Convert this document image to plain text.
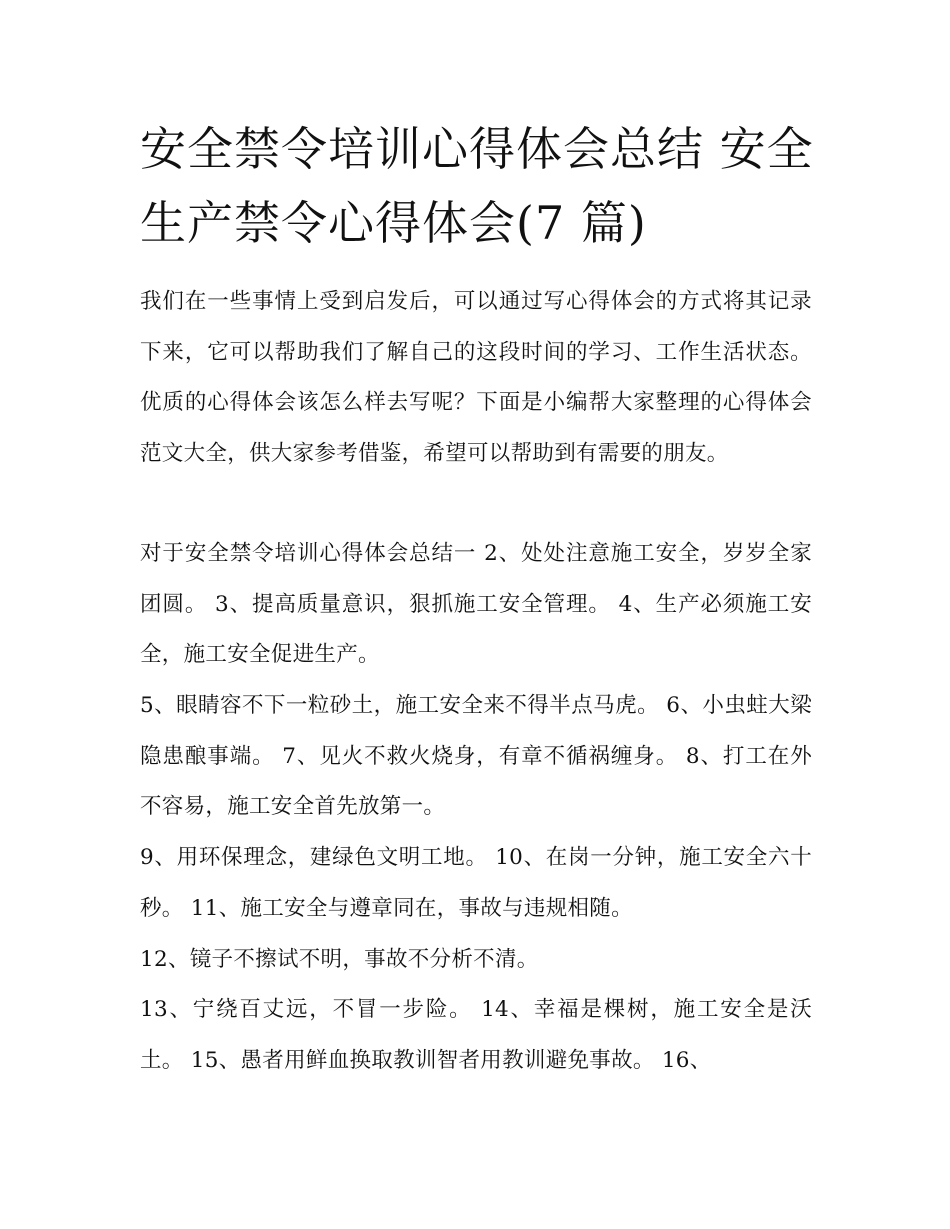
安全禁令培训心得体会总结 安全生产禁令心得体会(7 篇)

我们在一些事情上受到启发后，可以通过写心得体会的方式将其记录下来，它可以帮助我们了解自己的这段时间的学习、工作生活状态。优质的心得体会该怎么样去写呢？下面是小编帮大家整理的心得体会范文大全，供大家参考借鉴，希望可以帮助到有需要的朋友。

对于安全禁令培训心得体会总结一 2、处处注意施工安全，岁岁全家团圆。 3、提高质量意识，狠抓施工安全管理。 4、生产必须施工安全，施工安全促进生产。

5、眼睛容不下一粒砂土，施工安全来不得半点马虎。 6、小虫蛀大梁隐患酿事端。 7、见火不救火烧身，有章不循祸缠身。 8、打工在外不容易，施工安全首先放第一。

9、用环保理念，建绿色文明工地。 10、在岗一分钟，施工安全六十秒。 11、施工安全与遵章同在，事故与违规相随。

12、镜子不擦试不明，事故不分析不清。

13、宁绕百丈远，不冒一步险。 14、幸福是棵树，施工安全是沃土。 15、愚者用鲜血换取教训智者用教训避免事故。 16、
